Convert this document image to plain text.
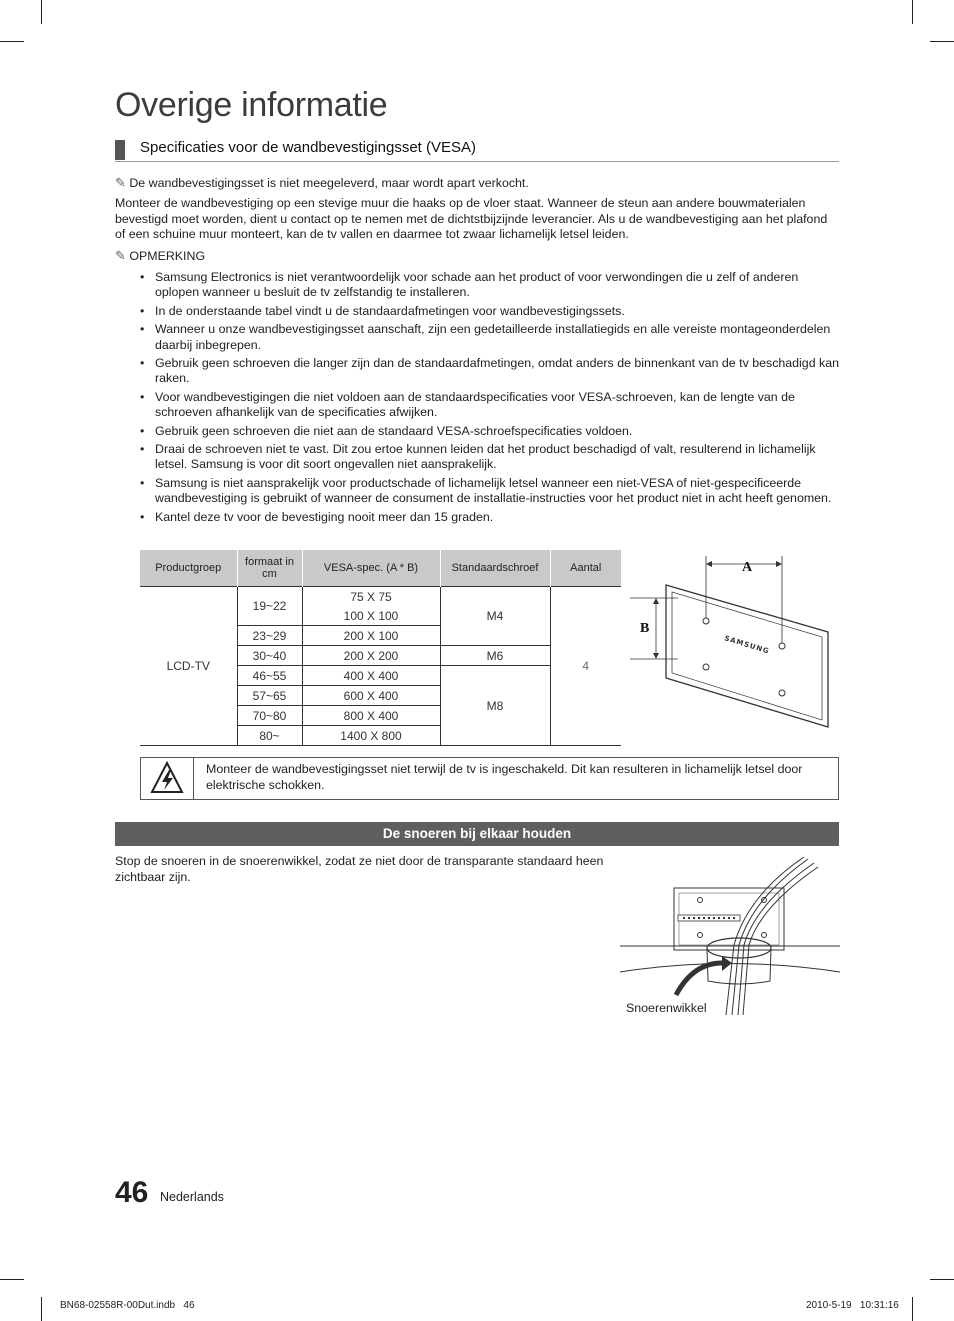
Overige informatie
Specificaties voor de wandbevestigingsset (VESA)
✎ De wandbevestigingsset is niet meegeleverd, maar wordt apart verkocht.
Monteer de wandbevestiging op een stevige muur die haaks op de vloer staat. Wanneer de steun aan andere bouwmaterialen bevestigd moet worden, dient u contact op te nemen met de dichtstbijzijnde leverancier. Als u de wandbevestiging aan het plafond of een schuine muur monteert, kan de tv vallen en daarmee tot zwaar lichamelijk letsel leiden.
✎ OPMERKING
• Samsung Electronics is niet verantwoordelijk voor schade aan het product of voor verwondingen die u zelf of anderen oplopen wanneer u besluit de tv zelfstandig te installeren.
• In de onderstaande tabel vindt u de standaardafmetingen voor wandbevestigingssets.
• Wanneer u onze wandbevestigingsset aanschaft, zijn een gedetailleerde installatiegids en alle vereiste montageonderdelen daarbij inbegrepen.
• Gebruik geen schroeven die langer zijn dan de standaardafmetingen, omdat anders de binnenkant van de tv beschadigd kan raken.
• Voor wandbevestigingen die niet voldoen aan de standaardspecificaties voor VESA-schroeven, kan de lengte van de schroeven afhankelijk van de specificaties afwijken.
• Gebruik geen schroeven die niet aan de standaard VESA-schroefspecificaties voldoen.
• Draai de schroeven niet te vast. Dit zou ertoe kunnen leiden dat het product beschadigd of valt, resulterend in lichamelijk letsel. Samsung is voor dit soort ongevallen niet aansprakelijk.
• Samsung is niet aansprakelijk voor productschade of lichamelijk letsel wanneer een niet-VESA of niet-gespecificeerde wandbevestiging is gebruikt of wanneer de consument de installatie-instructies voor het product niet in acht heeft genomen.
• Kantel deze tv voor de bevestiging nooit meer dan 15 graden.
Productgroep	formaat in cm	VESA-spec. (A * B)	Standaardschroef	Aantal
LCD-TV	19~22	75 X 75	M4	4
		100 X 100		
	23~29	200 X 100		
	30~40	200 X 200	M6	
	46~55	400 X 400	M8	
	57~65	600 X 400		
	70~80	800 X 400		
	80~	1400 X 800		
A
B
SAMSUNG
Monteer de wandbevestigingsset niet terwijl de tv is ingeschakeld. Dit kan resulteren in lichamelijk letsel door elektrische schokken.
De snoeren bij elkaar houden
Stop de snoeren in de snoerenwikkel, zodat ze niet door de transparante standaard heen zichtbaar zijn.
Snoerenwikkel
46 Nederlands
BN68-02558R-00Dut.indb   46	2010-5-19   10:31:16
